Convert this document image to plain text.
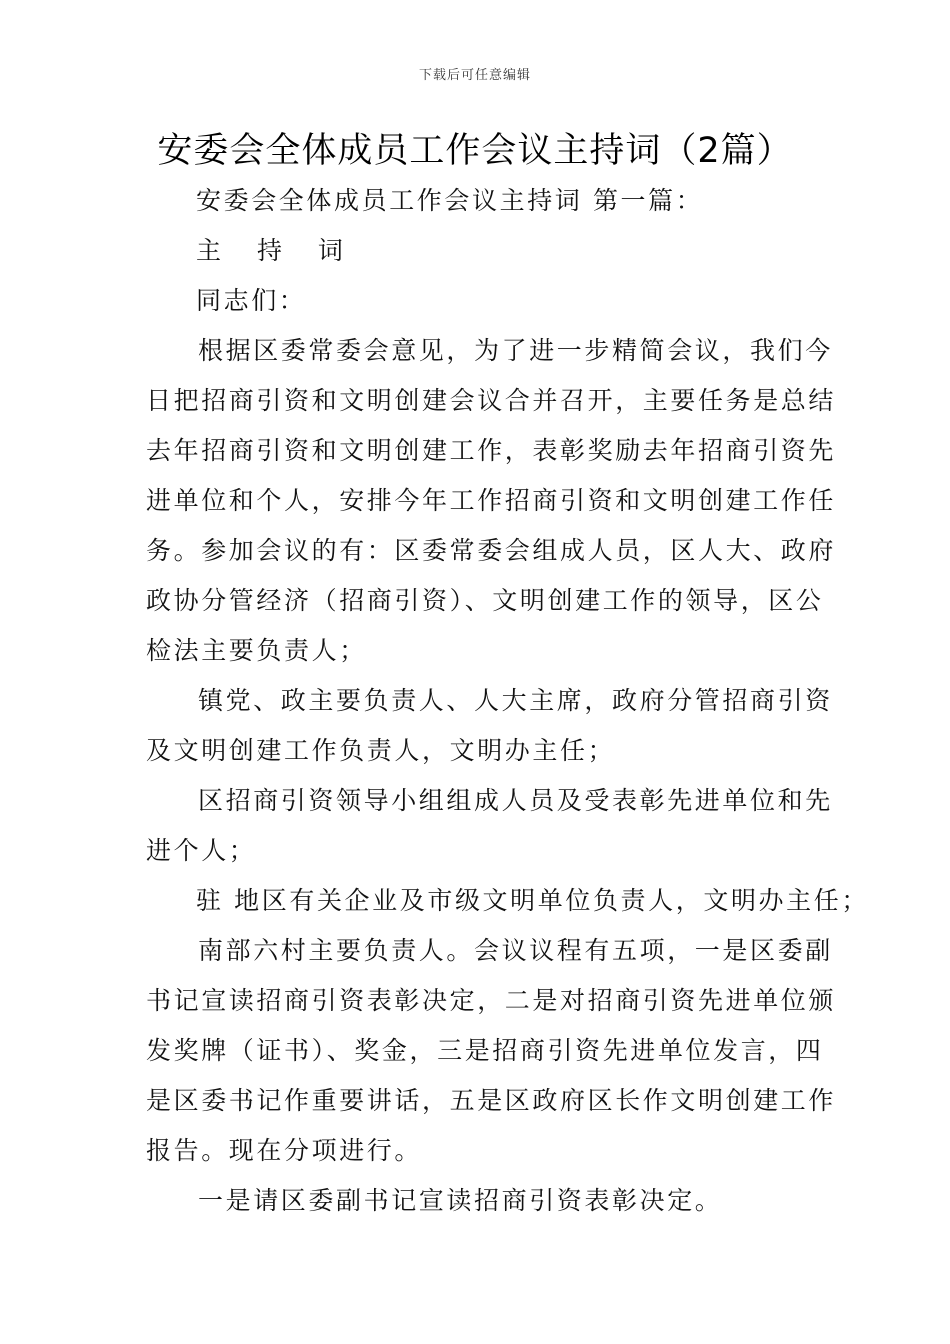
下载后可任意编辑
安委会全体成员工作会议主持词（2篇）
安委会全体成员工作会议主持词 第一篇：
主 持 词
同志们：
根据区委常委会意见，为了进一步精简会议，我们今
日把招商引资和文明创建会议合并召开，主要任务是总结
去年招商引资和文明创建工作，表彰奖励去年招商引资先
进单位和个人，安排今年工作招商引资和文明创建工作任
务。参加会议的有：区委常委会组成人员，区人大、政府
政协分管经济（招商引资）、文明创建工作的领导，区公
检法主要负责人；
镇党、政主要负责人、人大主席，政府分管招商引资
及文明创建工作负责人，文明办主任；
区招商引资领导小组组成人员及受表彰先进单位和先
进个人；
驻 地区有关企业及市级文明单位负责人，文明办主任；
南部六村主要负责人。会议议程有五项，一是区委副
书记宣读招商引资表彰决定，二是对招商引资先进单位颁
发奖牌（证书）、奖金，三是招商引资先进单位发言，四
是区委书记作重要讲话，五是区政府区长作文明创建工作
报告。现在分项进行。
一是请区委副书记宣读招商引资表彰决定。
